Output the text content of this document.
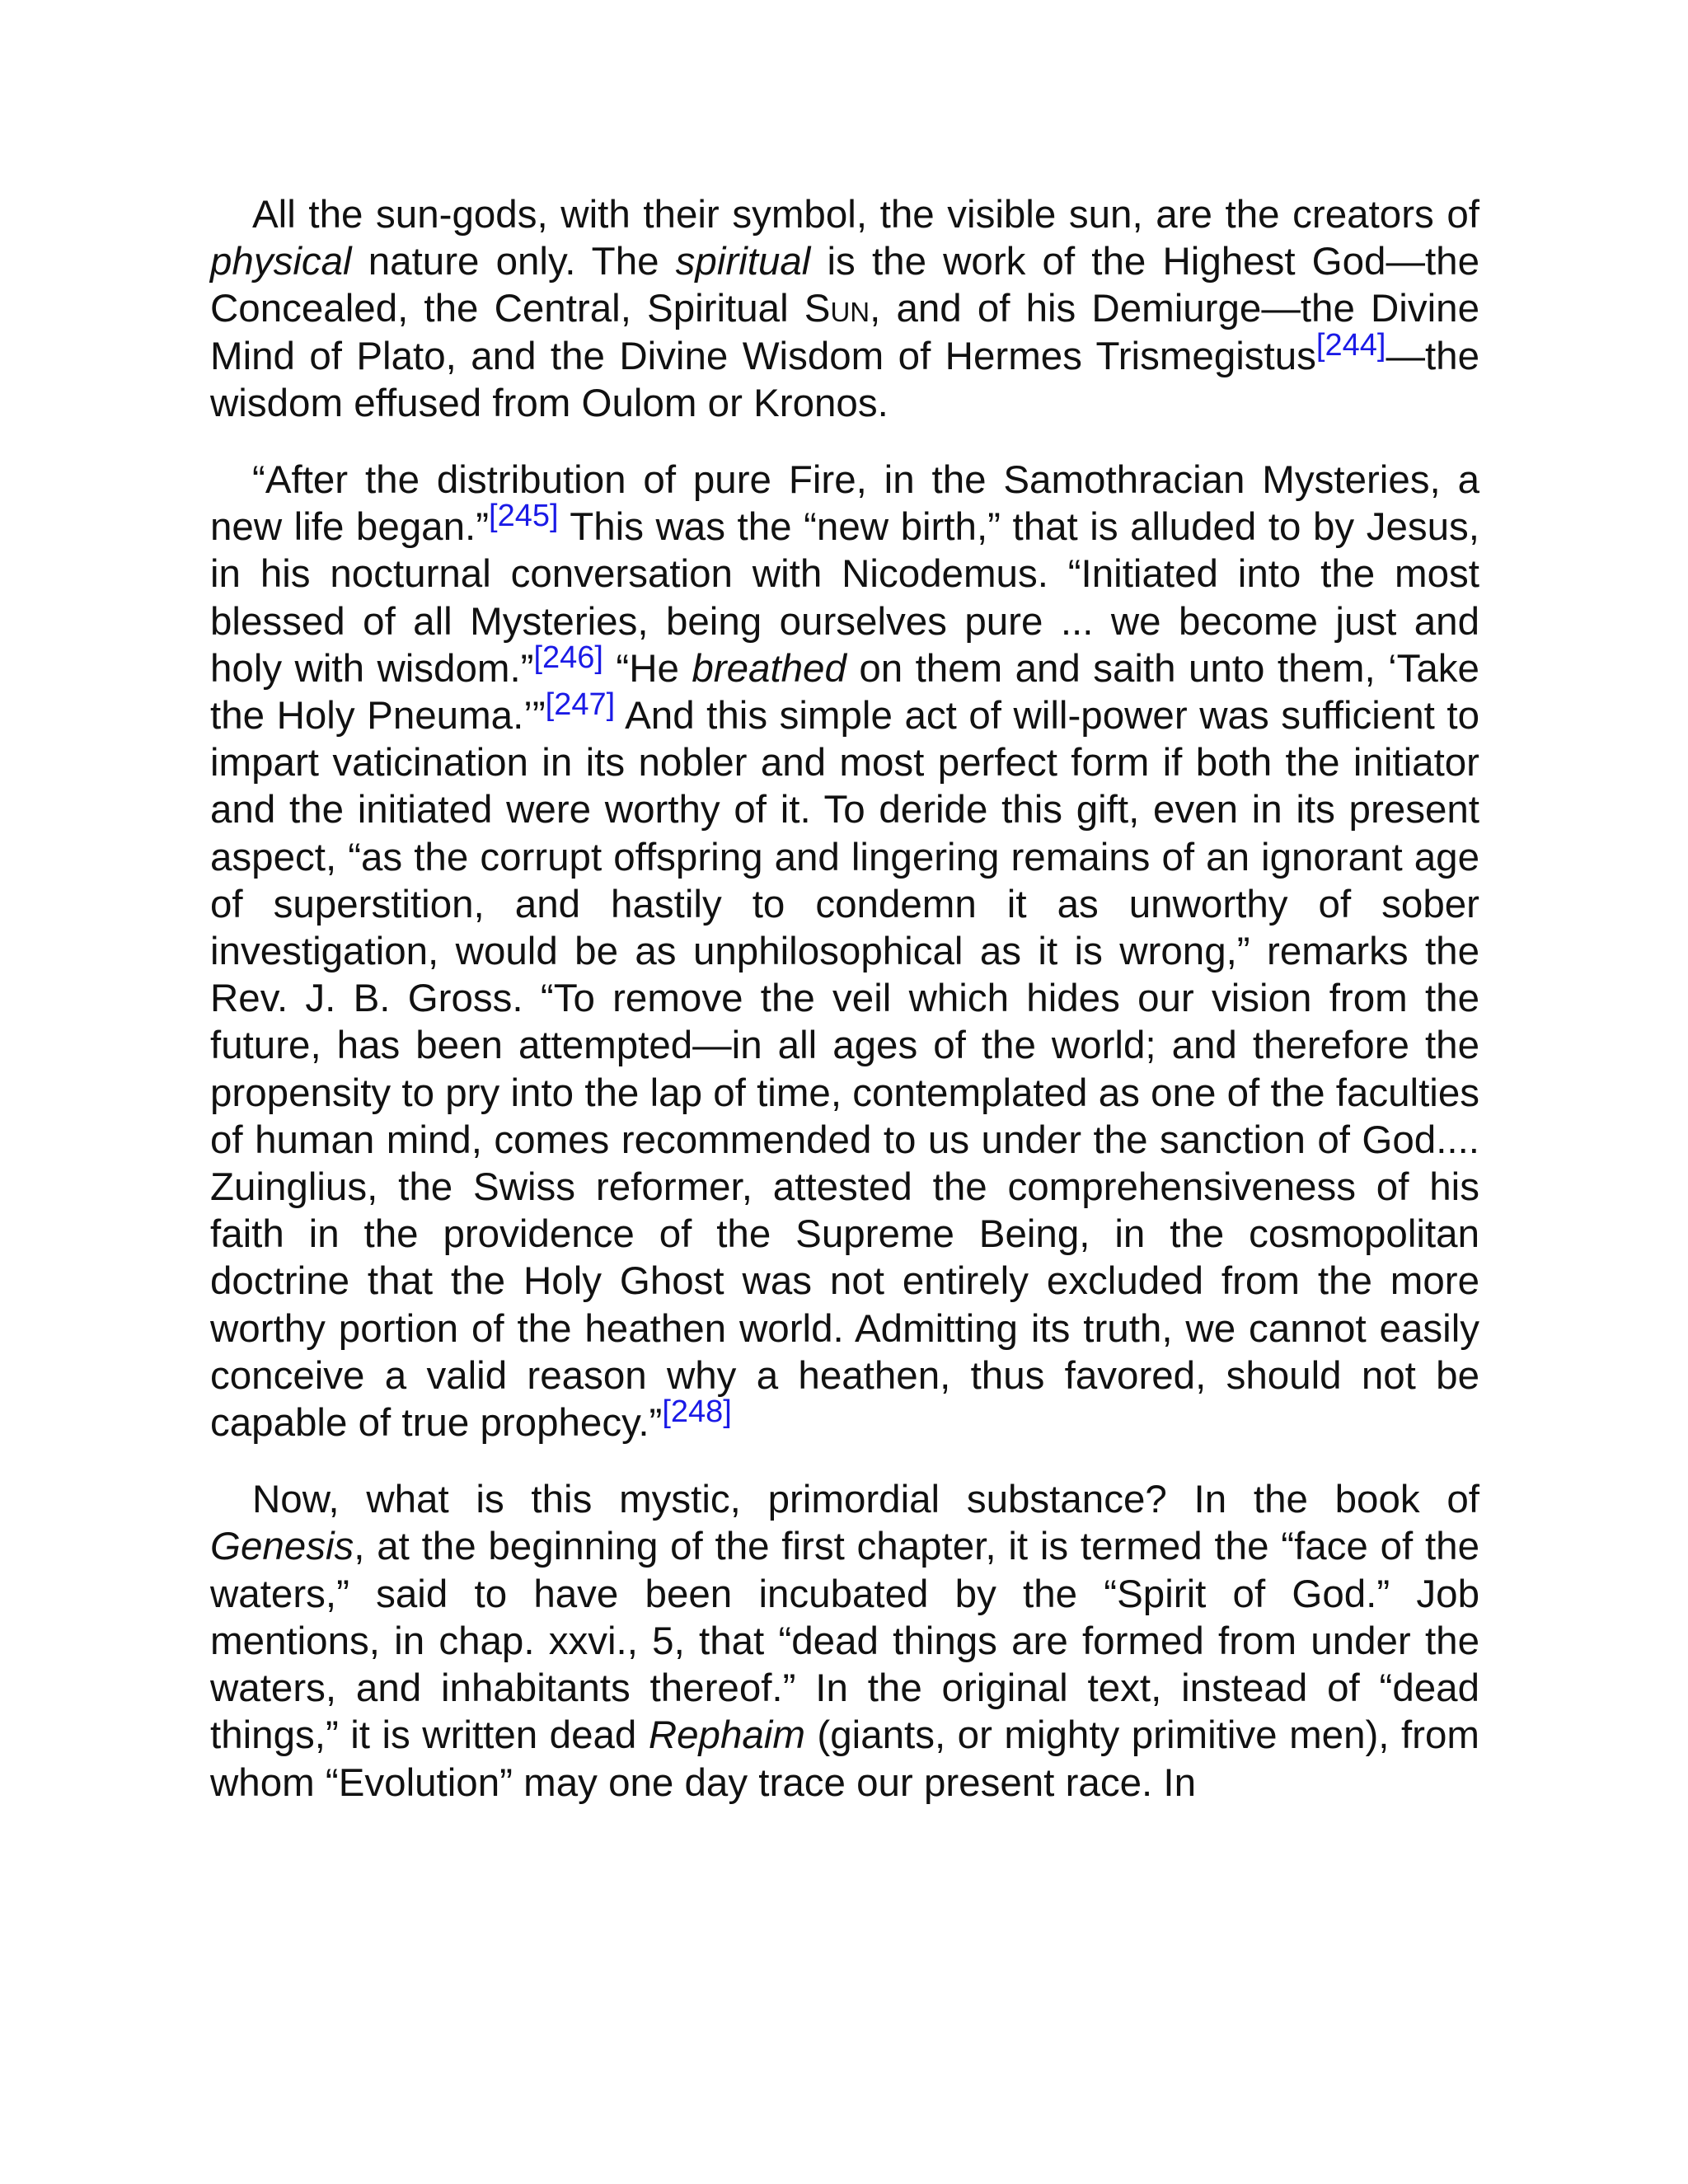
All the sun-gods, with their symbol, the visible sun, are the creators of physical nature only. The spiritual is the work of the Highest God—the Concealed, the Central, Spiritual Sun, and of his Demiurge—the Divine Mind of Plato, and the Divine Wisdom of Hermes Trismegistus[244]—the wisdom effused from Oulom or Kronos.

“After the distribution of pure Fire, in the Samothracian Mysteries, a new life began.”[245] This was the “new birth,” that is alluded to by Jesus, in his nocturnal conversation with Nicodemus. “Initiated into the most blessed of all Mysteries, being ourselves pure ... we become just and holy with wisdom.”[246] “He breathed on them and saith unto them, ‘Take the Holy Pneuma.’”[247] And this simple act of will-power was sufficient to impart vaticination in its nobler and most perfect form if both the initiator and the initiated were worthy of it. To deride this gift, even in its present aspect, “as the corrupt offspring and lingering remains of an ignorant age of superstition, and hastily to condemn it as unworthy of sober investigation, would be as unphilosophical as it is wrong,” remarks the Rev. J. B. Gross. “To remove the veil which hides our vision from the future, has been attempted—in all ages of the world; and therefore the propensity to pry into the lap of time, contemplated as one of the faculties of human mind, comes recommended to us under the sanction of God.... Zuinglius, the Swiss reformer, attested the comprehensiveness of his faith in the providence of the Supreme Being, in the cosmopolitan doctrine that the Holy Ghost was not entirely excluded from the more worthy portion of the heathen world. Admitting its truth, we cannot easily conceive a valid reason why a heathen, thus favored, should not be capable of true prophecy.”[248]

Now, what is this mystic, primordial substance? In the book of Genesis, at the beginning of the first chapter, it is termed the “face of the waters,” said to have been incubated by the “Spirit of God.” Job mentions, in chap. xxvi., 5, that “dead things are formed from under the waters, and inhabitants thereof.” In the original text, instead of “dead things,” it is written dead Rephaim (giants, or mighty primitive men), from whom “Evolution” may one day trace our present race. In
